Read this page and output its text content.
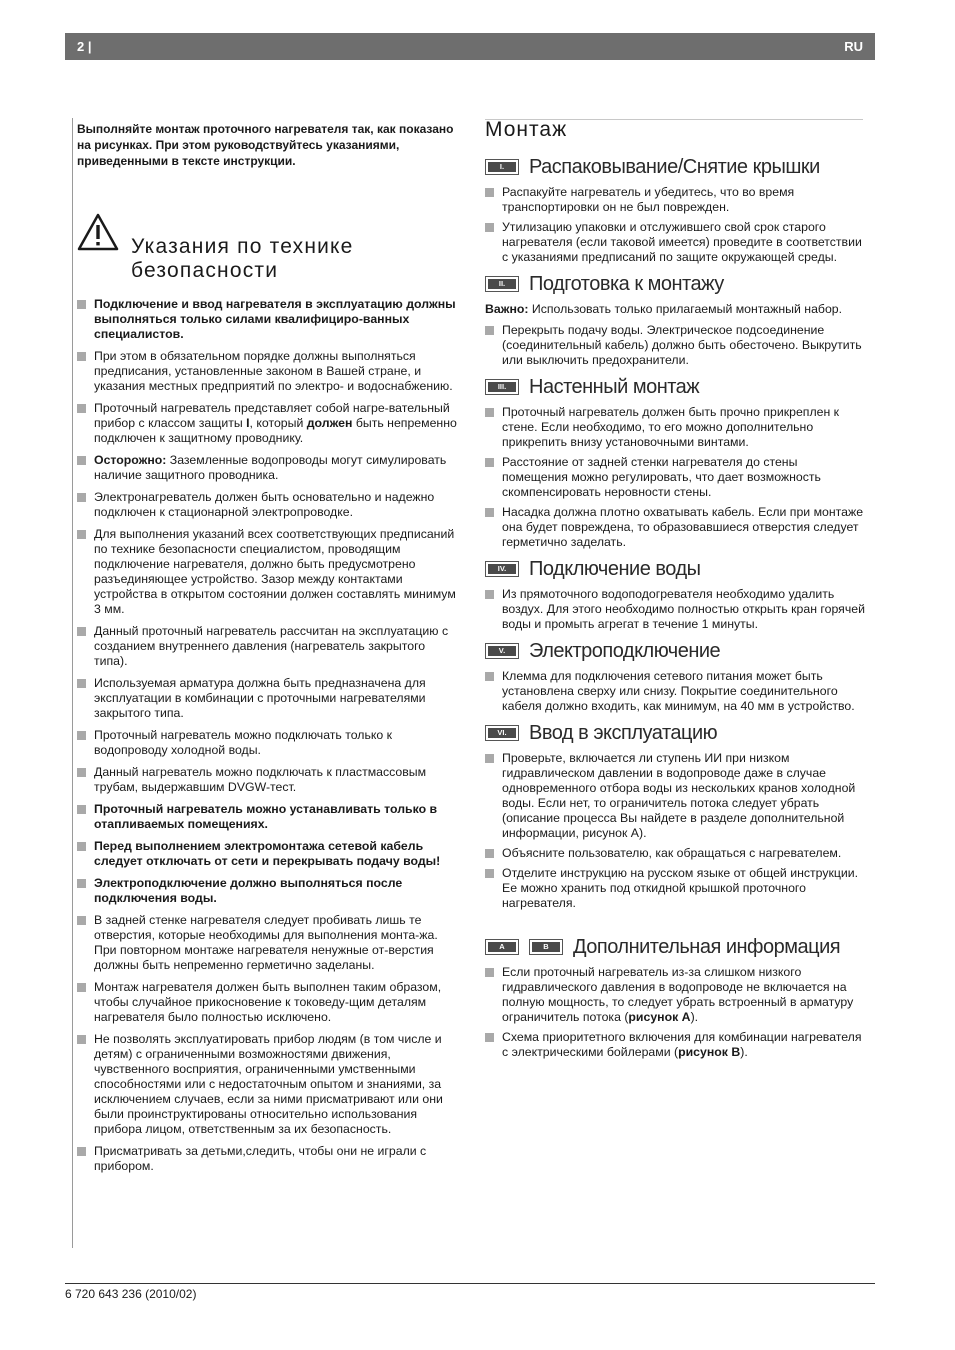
2 |	RU

Выполняйте монтаж проточного нагревателя так, как показано на рисунках. При этом руководствуйтесь указаниями, приведенными в тексте инструкции.

Указания по технике
безопасности
Подключение и ввод нагревателя в эксплуатацию должны выполняться только силами квалифициро-ванных специалистов.
При этом в обязательном порядке должны выполняться предписания, установленные законом в Вашей стране, и указания местных предприятий по электро- и водоснабжению.
Проточный нагреватель представляет собой нагре-вательный прибор с классом защиты I, который должен быть непременно подключен к защитному проводнику.
Осторожно: Заземленные водопроводы могут симулировать наличие защитного проводника.
Электронагреватель должен быть основательно и надежно подключен к стационарной электропроводке.
Для выполнения указаний всех соответствующих предписаний по технике безопасности специалистом, проводящим подключение нагревателя, должно быть предусмотрено разъединяющее устройство. Зазор между контактами устройства в открытом состоянии должен составлять минимум 3 мм.
Данный проточный нагреватель рассчитан на эксплуатацию с созданием внутреннего давления (нагреватель закрытого типа).
Используемая арматура должна быть предназначена для эксплуатации в комбинации с проточными нагревателями закрытого типа.
Проточный нагреватель можно подключать только к водопроводу холодной воды.
Данный нагреватель можно подключать к пластмассовым трубам, выдержавшим DVGW-тест.
Проточный нагреватель можно устанавливать только в отапливаемых помещениях.
Перед выполнением электромонтажа сетевой кабель следует отключать от сети и перекрывать подачу воды!
Электроподключение должно выполняться после подключения воды.
В задней стенке нагревателя следует пробивать лишь те отверстия, которые необходимы для выполнения монта-жа. При повторном монтаже нагревателя ненужные от-верстия должны быть непременно герметично заделаны.
Монтаж нагревателя должен быть выполнен таким образом, чтобы случайное прикосновение к токоведу-щим деталям нагревателя было полностью исключено.
Не позволять эксплуатировать прибор людям (в том числе и детям) с ограниченными возможностями движения, чувственного восприятия, ограниченными умственными способностями или с недостаточным опытом и знаниями, за исключением случаев, если за ними присматривают или они были проинструктированы относительно использования прибора лицом, ответственным за их безопасность.
Присматривать за детьми,следить, чтобы они не играли с прибором.
Монтаж
I.	Распаковывание/Снятие крышки
Распакуйте нагреватель и убедитесь, что во время транспортировки он не был поврежден.
Утилизацию упаковки и отслужившего свой срок старого нагревателя (если таковой имеется) проведите в соответствии с указаниями предписаний по защите окружающей среды.
II.	Подготовка к монтажу

Важно: Использовать только прилагаемый монтажный набор.

Перекрыть подачу воды. Электрическое подсоединение (соединительный кабель) должно быть обесточено. Выкрутить или выключить предохранители.
III.	Настенный монтаж
Проточный нагреватель должен быть прочно прикреплен к стене. Если необходимо, то его можно дополнительно прикрепить внизу установочными винтами.
Расстояние от задней стенки нагревателя до стены помещения можно регулировать, что дает возможность скомпенсировать неровности стены.
Насадка должна плотно охватывать кабель. Если при монтаже она будет повреждена, то образовавшиеся отверстия следует герметично заделать.
IV.	Подключение воды
Из прямоточного водоподогревателя необходимо удалить воздух. Для этого необходимо полностью открыть кран горячей воды и промыть агрегат в течение 1 минуты.
V.	Электроподключение
Клемма для подключения сетевого питания может быть установлена сверху или снизу. Покрытие соединительного кабеля должно входить, как минимум, на 40 мм в устройство.
VI.	Ввод в эксплуатацию
Проверьте, включается ли ступень ИИ при низком гидравлическом давлении в водопроводе даже в случае одновременного отбора воды из нескольких кранов холодной воды. Если нет, то ограничитель потока следует убрать (описание процесса Вы найдете в разделе дополнительной информации, рисунок A).
Объясните пользователю, как обращаться с нагревателем.
Отделите инструкцию на русском языке от общей инструкции. Ее можно хранить под откидной крышкой проточного нагревателя.
A	B	Дополнительная информация
Если проточный нагреватель из-за слишком низкого гидравлического давления в водопроводе не включается на полную мощность, то следует убрать встроенный в арматуру ограничитель потока (рисунок A).
Схема приоритетного включения для комбинации нагревателя с электрическими бойлерами (рисунок B).
6 720 643 236 (2010/02)
